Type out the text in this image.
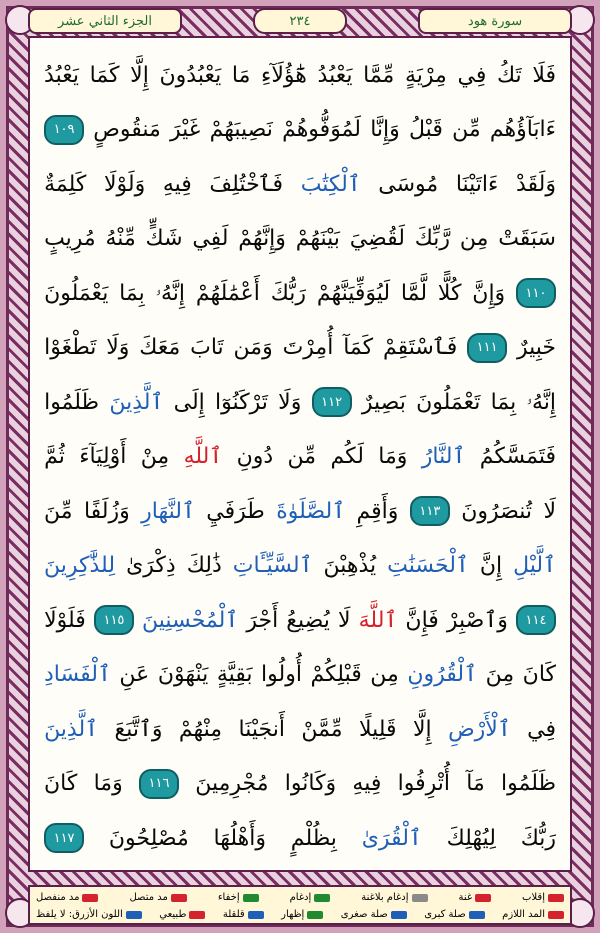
الجزء الثاني عشر	٢٣٤	سورة هود
فَلَا
تَكُ
فِي
مِرْيَةٍ
مِّمَّا
يَعْبُدُ
هَٰٓؤُلَآءِ
مَا
يَعْبُدُونَ
إِلَّا
كَمَا
يَعْبُدُ
ءَابَآؤُهُم
مِّن
قَبْلُ
وَإِنَّا
لَمُوَفُّوهُمْ
نَصِيبَهُمْ
غَيْرَ
مَنقُوصٍ
١٠٩
وَلَقَدْ
ءَاتَيْنَا
مُوسَى
ٱلْكِتَٰبَ
فَٱخْتُلِفَ
فِيهِ
وَلَوْلَا
كَلِمَةٌ
سَبَقَتْ
مِن
رَّبِّكَ
لَقُضِيَ
بَيْنَهُمْ
وَإِنَّهُمْ
لَفِي
شَكٍّ
مِّنْهُ
مُرِيبٍ
١١٠
وَإِنَّ
كُلًّا
لَّمَّا
لَيُوَفِّيَنَّهُمْ
رَبُّكَ
أَعْمَٰلَهُمْ
إِنَّهُۥ
بِمَا
يَعْمَلُونَ
خَبِيرٌ
١١١
فَٱسْتَقِمْ
كَمَآ
أُمِرْتَ
وَمَن
تَابَ
مَعَكَ
وَلَا
تَطْغَوْا
إِنَّهُۥ
بِمَا
تَعْمَلُونَ
بَصِيرٌ
١١٢
وَلَا
تَرْكَنُوٓا
إِلَى
ٱلَّذِينَ
ظَلَمُوا
فَتَمَسَّكُمُ
ٱلنَّارُ
وَمَا
لَكُم
مِّن
دُونِ
ٱللَّهِ
مِنْ
أَوْلِيَآءَ
ثُمَّ
لَا
تُنصَرُونَ
١١٣
وَأَقِمِ
ٱلصَّلَوٰةَ
طَرَفَيِ
ٱلنَّهَارِ
وَزُلَفًا
مِّنَ
ٱلَّيْلِ
إِنَّ
ٱلْحَسَنَٰتِ
يُذْهِبْنَ
ٱلسَّيِّـَٔاتِ
ذَٰلِكَ
ذِكْرَىٰ
لِلذَّٰكِرِينَ
١١٤
وَٱصْبِرْ
فَإِنَّ
ٱللَّهَ
لَا
يُضِيعُ
أَجْرَ
ٱلْمُحْسِنِينَ
١١٥
فَلَوْلَا
كَانَ
مِنَ
ٱلْقُرُونِ
مِن
قَبْلِكُمْ
أُولُوا
بَقِيَّةٍ
يَنْهَوْنَ
عَنِ
ٱلْفَسَادِ
فِي
ٱلْأَرْضِ
إِلَّا
قَلِيلًا
مِّمَّنْ
أَنجَيْنَا
مِنْهُمْ
وَٱتَّبَعَ
ٱلَّذِينَ
ظَلَمُوا
مَآ
أُتْرِفُوا
فِيهِ
وَكَانُوا
مُجْرِمِينَ
١١٦
وَمَا
كَانَ
رَبُّكَ
لِيُهْلِكَ
ٱلْقُرَىٰ
بِظُلْمٍ
وَأَهْلُهَا
مُصْلِحُونَ
١١٧
إقلاب
غنة
إدغام بلاغنة
إدغام
إخفاء
مد متصل
مد منفصل
المد اللازم
صلة كبرى
صلة صغرى
إظهار
قلقلة
طبيعي
اللون الأزرق: لا يلفظ
